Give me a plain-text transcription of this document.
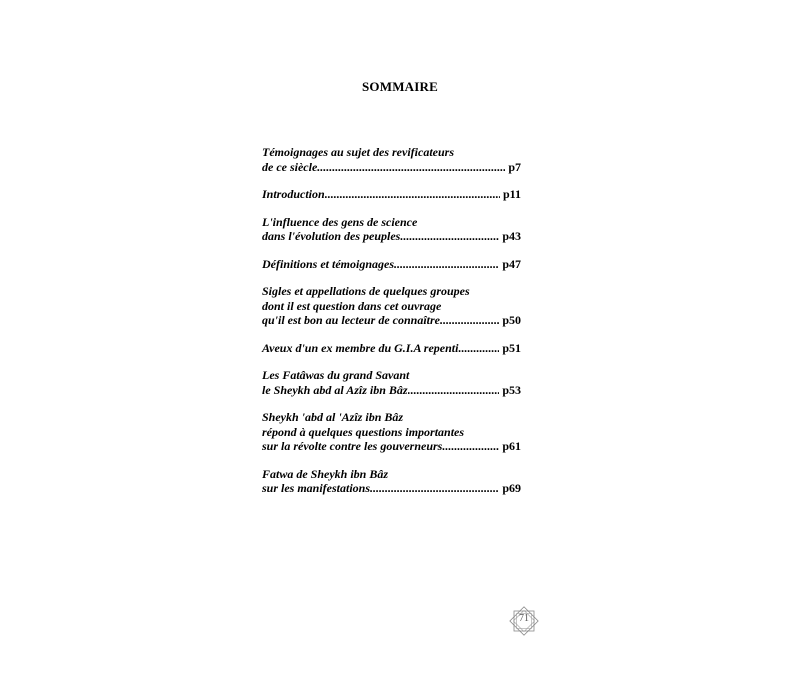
SOMMAIRE
Témoignages au sujet des revificateurs
de ce siècle .....	p7
Introduction .....	p11
L'influence des gens de science
dans l'évolution des peuples .....	p43
Définitions et témoignages .....	p47
Sigles et appellations de quelques groupes
dont il est question dans cet ouvrage
qu'il est bon au lecteur de connaître .....	p50
Aveux d'un ex membre du G.I.A repenti .....	p51
Les Fatâwas du grand Savant
le Sheykh abd al Azîz ibn Bâz .....	p53
Sheykh 'abd al 'Azîz ibn Bâz
répond à quelques questions importantes
sur la révolte contre les gouverneurs .....	p61
Fatwa de Sheykh ibn Bâz
sur les manifestations .....	p69
71
